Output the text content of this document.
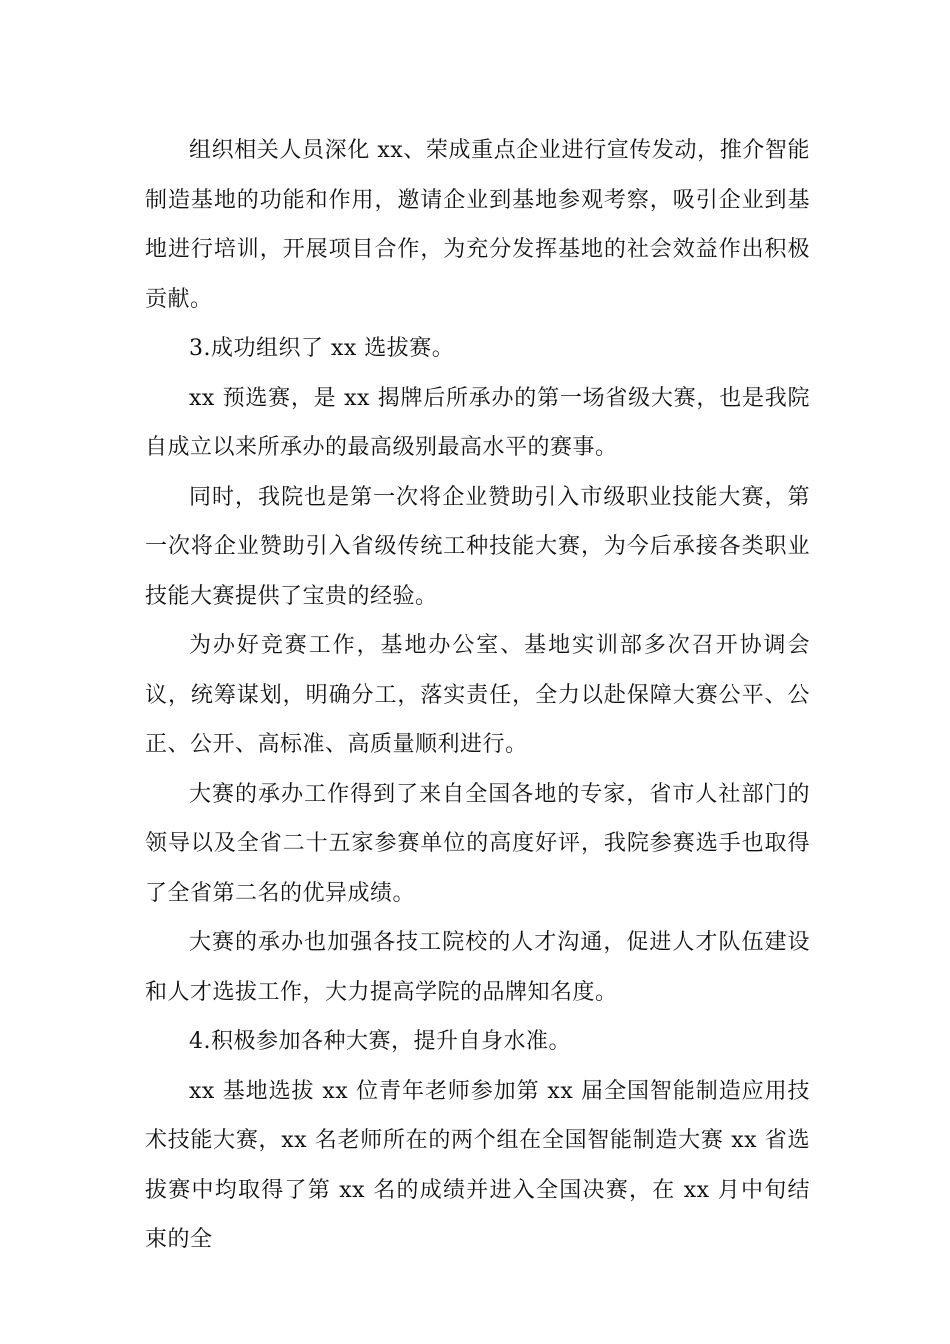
组织相关人员深化 xx、荣成重点企业进行宣传发动，推介智能制造基地的功能和作用，邀请企业到基地参观考察，吸引企业到基地进行培训，开展项目合作，为充分发挥基地的社会效益作出积极贡献。

3.成功组织了 xx 选拔赛。

xx 预选赛，是 xx 揭牌后所承办的第一场省级大赛，也是我院自成立以来所承办的最高级别最高水平的赛事。

同时，我院也是第一次将企业赞助引入市级职业技能大赛，第一次将企业赞助引入省级传统工种技能大赛，为今后承接各类职业技能大赛提供了宝贵的经验。

为办好竞赛工作，基地办公室、基地实训部多次召开协调会议，统筹谋划，明确分工，落实责任，全力以赴保障大赛公平、公正、公开、高标准、高质量顺利进行。

大赛的承办工作得到了来自全国各地的专家，省市人社部门的领导以及全省二十五家参赛单位的高度好评，我院参赛选手也取得了全省第二名的优异成绩。

大赛的承办也加强各技工院校的人才沟通，促进人才队伍建设和人才选拔工作，大力提高学院的品牌知名度。

4.积极参加各种大赛，提升自身水准。

xx 基地选拔 xx 位青年老师参加第 xx 届全国智能制造应用技术技能大赛，xx 名老师所在的两个组在全国智能制造大赛 xx 省选拔赛中均取得了第 xx 名的成绩并进入全国决赛，在 xx 月中旬结束的全
